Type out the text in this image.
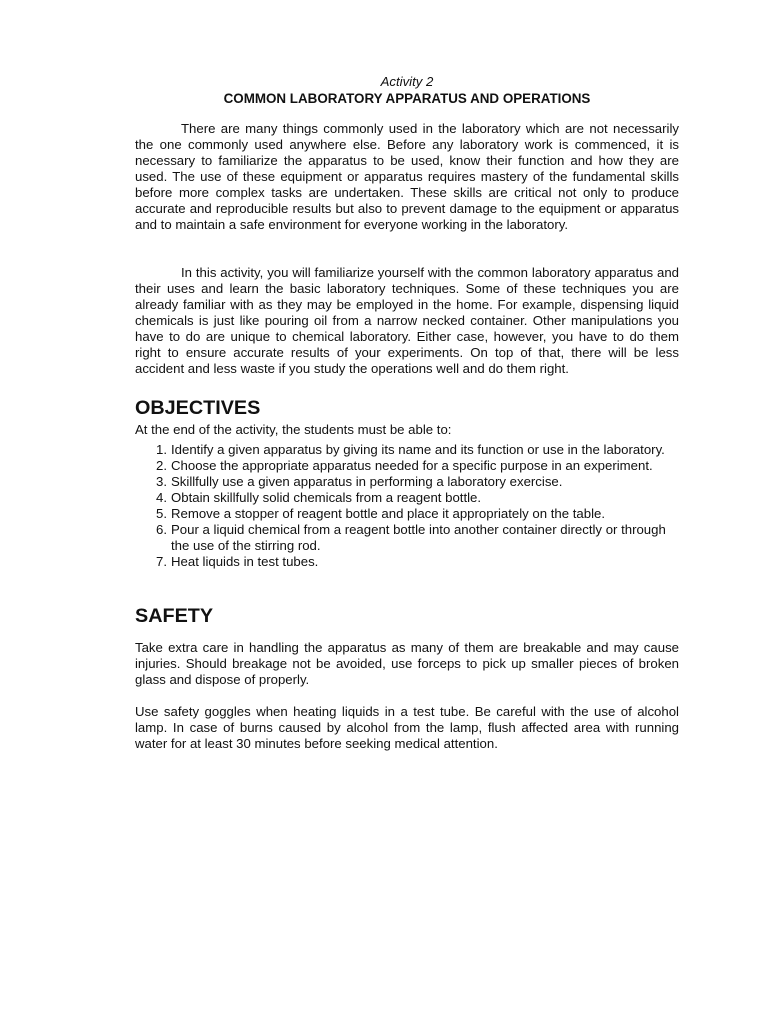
Activity 2

COMMON LABORATORY APPARATUS AND OPERATIONS

There are many things commonly used in the laboratory which are not necessarily the one commonly used anywhere else. Before any laboratory work is commenced, it is necessary to familiarize the apparatus to be used, know their function and how they are used. The use of these equipment or apparatus requires mastery of the fundamental skills before more complex tasks are undertaken. These skills are critical not only to produce accurate and reproducible results but also to prevent damage to the equipment or apparatus and to maintain a safe environment for everyone working in the laboratory.

In this activity, you will familiarize yourself with the common laboratory apparatus and their uses and learn the basic laboratory techniques. Some of these techniques you are already familiar with as they may be employed in the home. For example, dispensing liquid chemicals is just like pouring oil from a narrow necked container. Other manipulations you have to do are unique to chemical laboratory. Either case, however, you have to do them right to ensure accurate results of your experiments. On top of that, there will be less accident and less waste if you study the operations well and do them right.

OBJECTIVES

At the end of the activity, the students must be able to:

1. Identify a given apparatus by giving its name and its function or use in the laboratory.
2. Choose the appropriate apparatus needed for a specific purpose in an experiment.
3. Skillfully use a given apparatus in performing a laboratory exercise.
4. Obtain skillfully solid chemicals from a reagent bottle.
5. Remove a stopper of reagent bottle and place it appropriately on the table.
6. Pour a liquid chemical from a reagent bottle into another container directly or through the use of the stirring rod.
7. Heat liquids in test tubes.
SAFETY

Take extra care in handling the apparatus as many of them are breakable and may cause injuries. Should breakage not be avoided, use forceps to pick up smaller pieces of broken glass and dispose of properly.

Use safety goggles when heating liquids in a test tube. Be careful with the use of alcohol lamp. In case of burns caused by alcohol from the lamp, flush affected area with running water for at least 30 minutes before seeking medical attention.
